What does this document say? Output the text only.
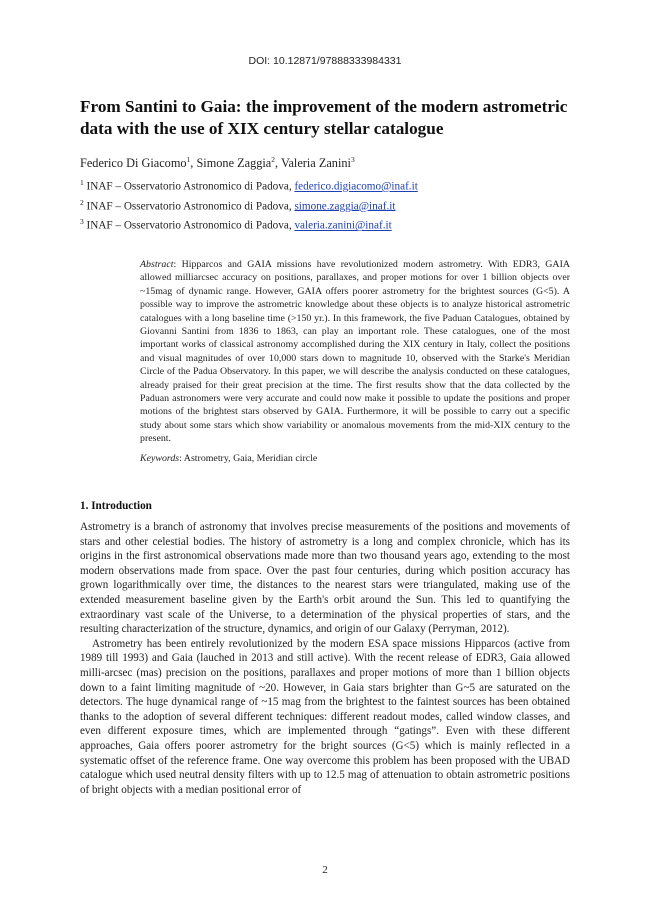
DOI: 10.12871/97888333984331
From Santini to Gaia: the improvement of the modern astrometric data with the use of XIX century stellar catalogue
Federico Di Giacomo$^1$, Simone Zaggia$^2$, Valeria Zanini$^3$
$^1$ INAF – Osservatorio Astronomico di Padova, federico.digiacomo@inaf.it
$^2$ INAF – Osservatorio Astronomico di Padova, simone.zaggia@inaf.it
$^3$ INAF – Osservatorio Astronomico di Padova, valeria.zanini@inaf.it

Abstract: Hipparcos and GAIA missions have revolutionized modern astrometry. With EDR3, GAIA allowed milliarcsec accuracy on positions, parallaxes, and proper motions for over 1 billion objects over ~15mag of dynamic range. However, GAIA offers poorer astrometry for the brightest sources (G<5). A possible way to improve the astrometric knowledge about these objects is to analyze historical astrometric catalogues with a long baseline time (>150 yr.). In this framework, the five Paduan Catalogues, obtained by Giovanni Santini from 1836 to 1863, can play an important role. These catalogues, one of the most important works of classical astronomy accomplished during the XIX century in Italy, collect the positions and visual magnitudes of over 10,000 stars down to magnitude 10, observed with the Starke's Meridian Circle of the Padua Observatory. In this paper, we will describe the analysis conducted on these catalogues, already praised for their great precision at the time. The first results show that the data collected by the Paduan astronomers were very accurate and could now make it possible to update the positions and proper motions of the brightest stars observed by GAIA. Furthermore, it will be possible to carry out a specific study about some stars which show variability or anomalous movements from the mid-XIX century to the present.

Keywords: Astrometry, Gaia, Meridian circle

1. Introduction

Astrometry is a branch of astronomy that involves precise measurements of the positions and movements of stars and other celestial bodies. The history of astrometry is a long and complex chronicle, which has its origins in the first astronomical observations made more than two thousand years ago, extending to the most modern observations made from space. Over the past four centuries, during which position accuracy has grown logarithmically over time, the distances to the nearest stars were triangulated, making use of the extended measurement baseline given by the Earth's orbit around the Sun. This led to quantifying the extraordinary vast scale of the Universe, to a determination of the physical properties of stars, and the resulting characterization of the structure, dynamics, and origin of our Galaxy (Perryman, 2012).

Astrometry has been entirely revolutionized by the modern ESA space missions Hipparcos (active from 1989 till 1993) and Gaia (lauched in 2013 and still active). With the recent release of EDR3, Gaia allowed milli-arcsec (mas) precision on the positions, parallaxes and proper motions of more than 1 billion objects down to a faint limiting magnitude of ~20. However, in Gaia stars brighter than G~5 are saturated on the detectors. The huge dynamical range of ~15 mag from the brightest to the faintest sources has been obtained thanks to the adoption of several different techniques: different readout modes, called window classes, and even different exposure times, which are implemented through “gatings”. Even with these different approaches, Gaia offers poorer astrometry for the bright sources (G<5) which is mainly reflected in a systematic offset of the reference frame. One way overcome this problem has been proposed with the UBAD catalogue which used neutral density filters with up to 12.5 mag of attenuation to obtain astrometric positions of bright objects with a median positional error of

2
